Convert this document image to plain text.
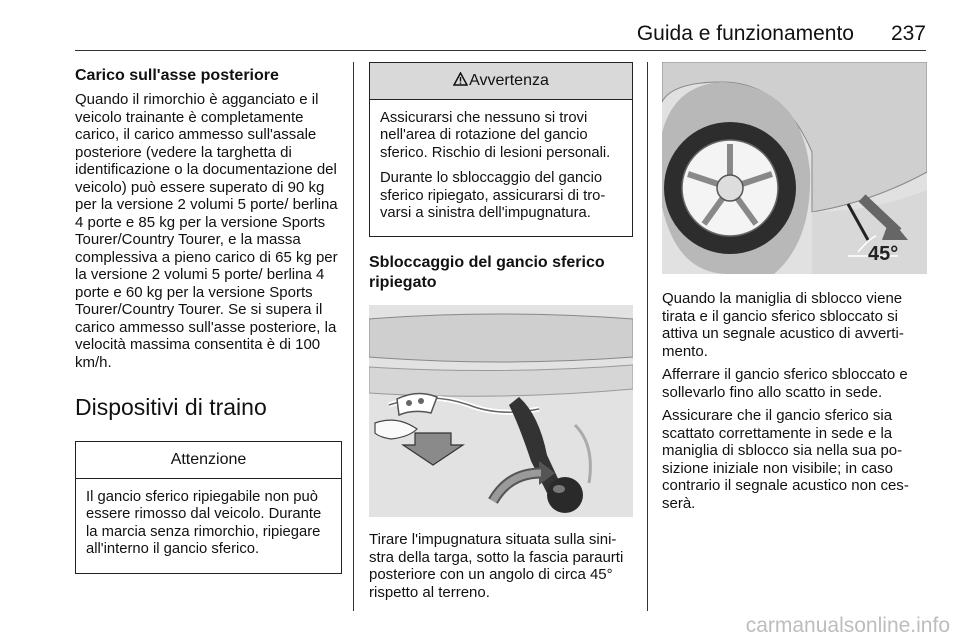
Guida e funzionamento	237
Carico sull'asse posteriore
Quando il rimorchio è agganciato e il veicolo trainante è completamente carico, il carico ammesso sull'assale posteriore (vedere la targhetta di identificazione o la documentazione del veicolo) può essere superato di 90 kg per la versione 2 volumi 5 porte/ berlina 4 porte e 85 kg per la versione Sports Tourer/Country Tourer, e la massa complessiva a pieno carico di 65 kg per la versione 2 volumi 5 porte/ berlina 4 porte e 60 kg per la versione Sports Tourer/Country Tourer. Se si supera il carico ammesso sull'asse posteriore, la velocità massima consentita è di 100 km/h.
Dispositivi di traino
Attenzione
Il gancio sferico ripiegabile non può essere rimosso dal veicolo. Durante la marcia senza rimorchio, ripiegare all'interno il gancio sferico.
Avvertenza
Assicurarsi che nessuno si trovi nell'area di rotazione del gancio sferico. Rischio di lesioni personali.
Durante lo sbloccaggio del gancio sferico ripiegato, assicurarsi di trovarsi a sinistra dell'impugnatura.
Sbloccaggio del gancio sferico ripiegato
Tirare l'impugnatura situata sulla sinistra della targa, sotto la fascia paraurti posteriore con un angolo di circa 45° rispetto al terreno.
45°
Quando la maniglia di sblocco viene tirata e il gancio sferico sbloccato si attiva un segnale acustico di avvertimento.
Afferrare il gancio sferico sbloccato e sollevarlo fino allo scatto in sede.
Assicurare che il gancio sferico sia scattato correttamente in sede e la maniglia di sblocco sia nella sua posizione iniziale non visibile; in caso contrario il segnale acustico non cesserà.
carmanualsonline.info
